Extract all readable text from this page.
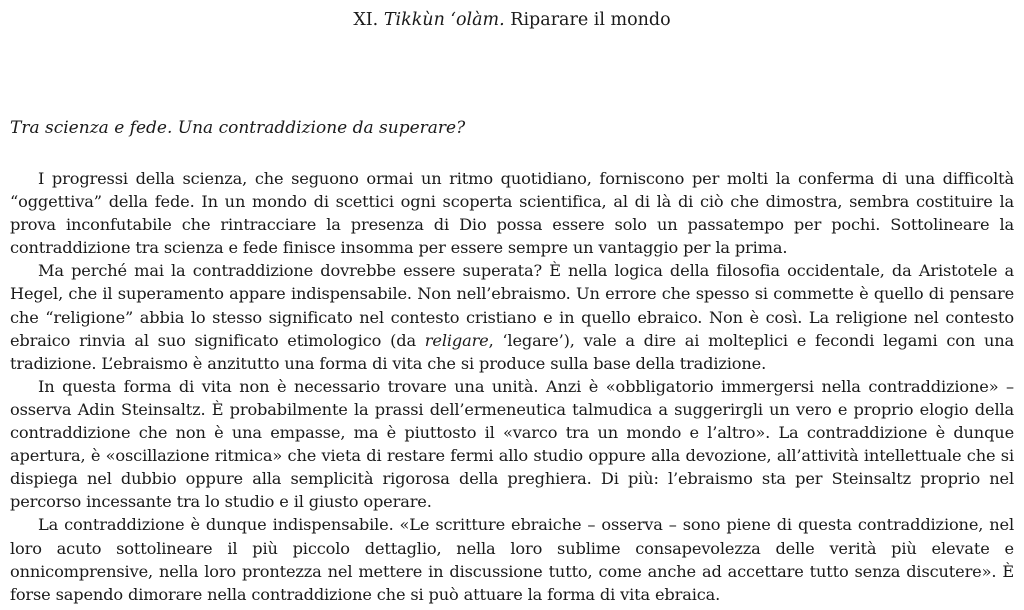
XI. Tikkùn ‘olàm. Riparare il mondo
Tra scienza e fede. Una contraddizione da superare?

I progressi della scienza, che seguono ormai un ritmo quotidiano, forniscono per molti la conferma di una difficoltà “oggettiva” della fede. In un mondo di scettici ogni scoperta scientifica, al di là di ciò che dimostra, sembra costituire la prova inconfutabile che rintracciare la presenza di Dio possa essere solo un passatempo per pochi. Sottolineare la contraddizione tra scienza e fede finisce insomma per essere sempre un vantaggio per la prima.

Ma perché mai la contraddizione dovrebbe essere superata? È nella logica della filosofia occidentale, da Aristotele a Hegel, che il superamento appare indispensabile. Non nell’ebraismo. Un errore che spesso si commette è quello di pensare che “religione” abbia lo stesso significato nel contesto cristiano e in quello ebraico. Non è così. La religione nel contesto ebraico rinvia al suo significato etimologico (da religare, ‘legare’), vale a dire ai molteplici e fecondi legami con una tradizione. L’ebraismo è anzitutto una forma di vita che si produce sulla base della tradizione.

In questa forma di vita non è necessario trovare una unità. Anzi è «obbligatorio immergersi nella contraddizione» – osserva Adin Steinsaltz. È probabilmente la prassi dell’ermeneutica talmudica a suggerirgli un vero e proprio elogio della contraddizione che non è una empasse, ma è piuttosto il «varco tra un mondo e l’altro». La contraddizione è dunque apertura, è «oscillazione ritmica» che vieta di restare fermi allo studio oppure alla devozione, all’attività intellettuale che si dispiega nel dubbio oppure alla semplicità rigorosa della preghiera. Di più: l’ebraismo sta per Steinsaltz proprio nel percorso incessante tra lo studio e il giusto operare.

La contraddizione è dunque indispensabile. «Le scritture ebraiche – osserva – sono piene di questa contraddizione, nel loro acuto sottolineare il più piccolo dettaglio, nella loro sublime consapevolezza delle verità più elevate e onnicomprensive, nella loro prontezza nel mettere in discussione tutto, come anche ad accettare tutto senza discutere». È forse sapendo dimorare nella contraddizione che si può attuare la forma di vita ebraica.
